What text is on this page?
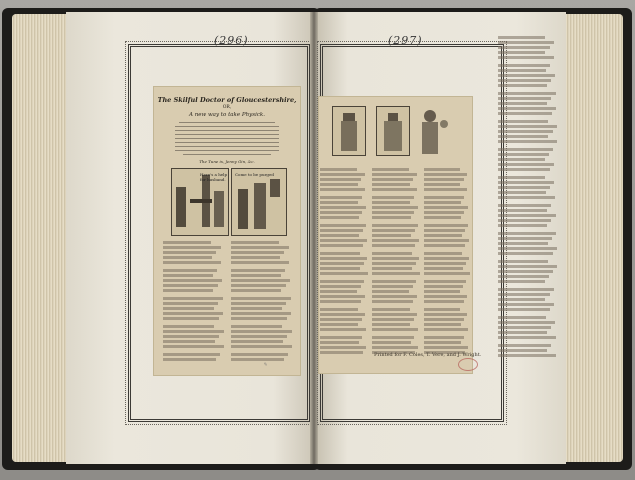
(296)
The Skilful Doctor of Gloucestershire,
OR,
A new way to take Physick.
The Tune is, Jenny Gin, &c.
Here's a help for husband.
Come to be purged
✎
(297)
Printed for F. Coles, T. Vere, and J. Wright.
